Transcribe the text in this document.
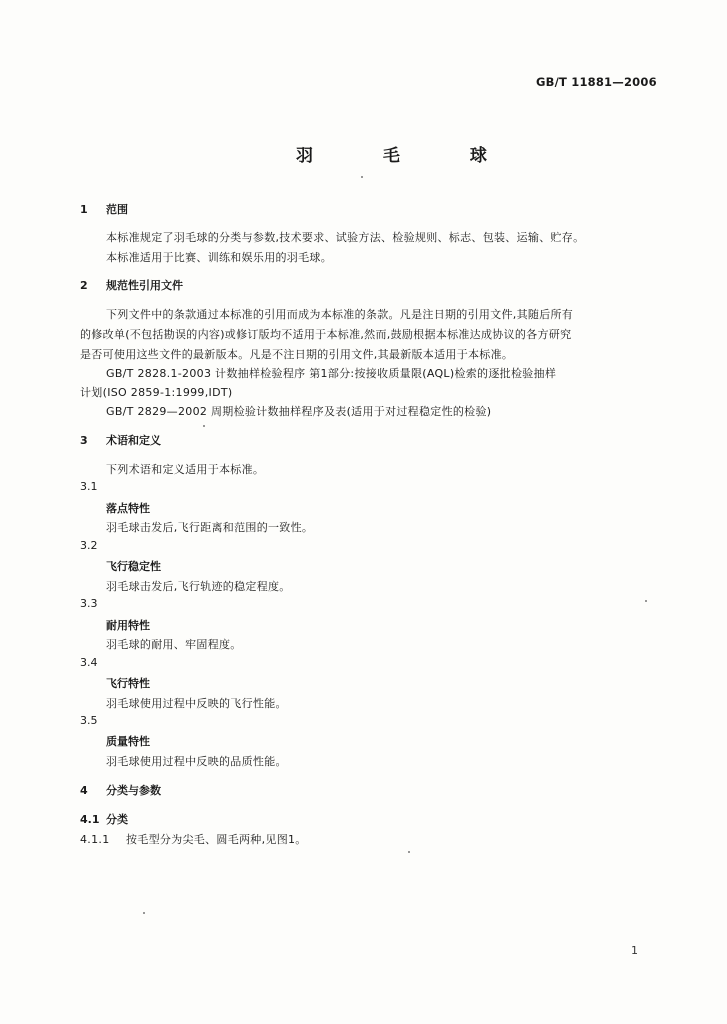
GB/T 11881—2006
羽 毛 球
1 范围
本标准规定了羽毛球的分类与参数,技术要求、试验方法、检验规则、标志、包装、运输、贮存。
本标准适用于比赛、训练和娱乐用的羽毛球。
2 规范性引用文件
下列文件中的条款通过本标准的引用而成为本标准的条款。凡是注日期的引用文件,其随后所有
的修改单(不包括勘误的内容)或修订版均不适用于本标准,然而,鼓励根据本标准达成协议的各方研究
是否可使用这些文件的最新版本。凡是不注日期的引用文件,其最新版本适用于本标准。
GB/T 2828.1-2003 计数抽样检验程序 第1部分:按接收质量限(AQL)检索的逐批检验抽样
计划(ISO 2859-1:1999,IDT)
GB/T 2829—2002 周期检验计数抽样程序及表(适用于对过程稳定性的检验)
3 术语和定义
下列术语和定义适用于本标准。
3.1
落点特性
羽毛球击发后,飞行距离和范围的一致性。
3.2
飞行稳定性
羽毛球击发后,飞行轨迹的稳定程度。
3.3
耐用特性
羽毛球的耐用、牢固程度。
3.4
飞行特性
羽毛球使用过程中反映的飞行性能。
3.5
质量特性
羽毛球使用过程中反映的品质性能。
4 分类与参数
4.1 分类
4.1.1 按毛型分为尖毛、圆毛两种,见图1。
1
